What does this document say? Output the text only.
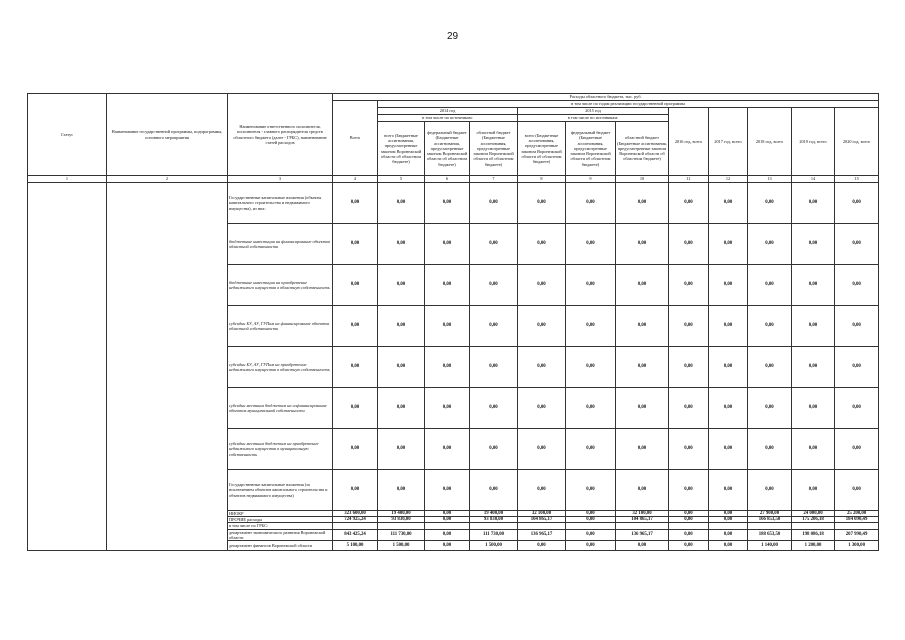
29
Статус	Наименование государственной программы, подпрограммы, основного мероприятия	Наименование ответственного исполнителя, исполнителя - главного распорядителя средств областного бюджета (далее - ГРБС), наименование статей расходов	Расходы областного бюджета, тыс. руб.											
			Всего	в том числе по годам реализации государственной программы										
				2014 год			2015 год			2016 год, всего	2017 год, всего	2018 год, всего	2019 год, всего	2020 год, всего
				в том числе по источникам:			в том числе по источникам:							
				всего (Бюджетные ассигнования, предусмотренные законом Воронежской области об областном бюджете)	федеральный бюджет (Бюджетные ассигнования, предусмотренные законом Воронежской области об областном бюджете)	областной бюджет (Бюджетные ассигнования, предусмотренные законом Воронежской области об областном бюджете)	всего (Бюджетные ассигнования, предусмотренные законом Воронежской области об областном бюджете)	федеральный бюджет (Бюджетные ассигнования, предусмотренные законом Воронежской области об областном бюджете)	областной бюджет (Бюджетные ассигнования, предусмотренные законом Воронежской области об областном бюджете)					
1	2	3	4	5	6	7	8	9	10	11	12	13	14	15
		Государственные капитальные вложения (объекты капитального строительства и недвижимого имущества), из них:	0,00	0,00	0,00	0,00	0,00	0,00	0,00	0,00	0,00	0,00	0,00	0,00
		бюджетные инвестиции на финансирование объектов областной собственности	0,00	0,00	0,00	0,00	0,00	0,00	0,00	0,00	0,00	0,00	0,00	0,00
		бюджетные инвестиции на приобретение недвижимого имущества в областную собственность	0,00	0,00	0,00	0,00	0,00	0,00	0,00	0,00	0,00	0,00	0,00	0,00
		субсидии БУ, АУ, ГУПам на финансирование объектов областной собственности	0,00	0,00	0,00	0,00	0,00	0,00	0,00	0,00	0,00	0,00	0,00	0,00
		субсидии БУ, АУ, ГУПам на приобретение недвижимого имущества в областную собственность	0,00	0,00	0,00	0,00	0,00	0,00	0,00	0,00	0,00	0,00	0,00	0,00
		субсидии местным бюджетам на софинансирование объектов муниципальной собственности	0,00	0,00	0,00	0,00	0,00	0,00	0,00	0,00	0,00	0,00	0,00	0,00
		субсидии местным бюджетам на приобретение недвижимого имущества в муниципальную собственность	0,00	0,00	0,00	0,00	0,00	0,00	0,00	0,00	0,00	0,00	0,00	0,00
		Государственные капитальные вложения (за исключением объектов капитального строительства и объектов недвижимого имущества)	0,00	0,00	0,00	0,00	0,00	0,00	0,00	0,00	0,00	0,00	0,00	0,00
		НИОКР	323 600,00	19 400,00	0,00	19 400,00	32 100,00	0,00	32 100,00	0,00	0,00	27 900,00	24 000,00	25 200,00
		ПРОЧИЕ расходы	724 925,24	93 830,00	0,00	93 830,00	104 865,17	0,00	104 865,17	0,00	0,00	166 853,50	175 206,18	184 090,49
		в том числе по ГРБС:												
		департамент экономического развития Воронежской области	843 425,24	111 730,00	0,00	111 730,00	136 965,17	0,00	136 965,17	0,00	0,00	188 653,50	198 086,18	207 990,49
		департамент финансов Воронежской области	5 100,00	1 500,00	0,00	1 500,00	0,00	0,00	0,00	0,00	0,00	1 140,00	1 200,00	1 300,00
